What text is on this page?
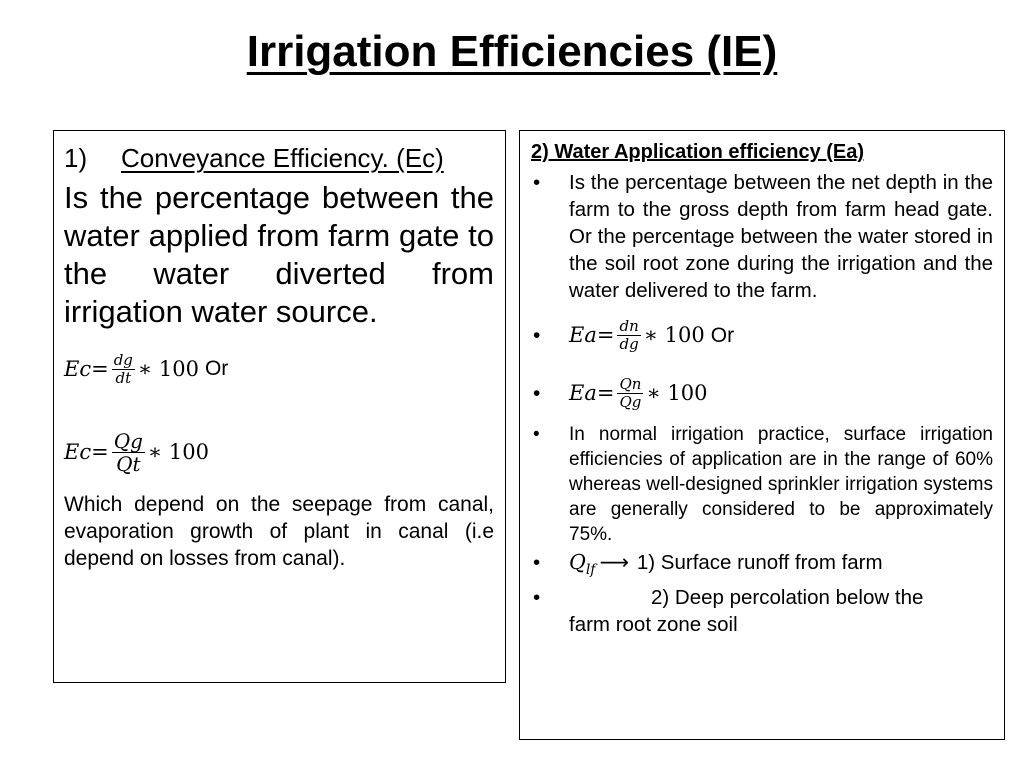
Irrigation Efficiencies (IE)
1)	Conveyance Efficiency. (Ec)
Is the percentage between the water applied from farm gate to the water diverted from irrigation water source.
$Ec = \frac{dg}{dt}$ ∗ 100 Or
$Ec = \frac{Qg}{Qt}$ ∗ 100
Which depend on the seepage from canal, evaporation growth of plant in canal (i.e depend on losses from canal).
2) Water Application efficiency (Ea)
•	Is the percentage between the net depth in the farm to the gross depth from farm head gate. Or the percentage between the water stored in the soil root zone during the irrigation and the water delivered to the farm.
•	$Ea = \frac{dn}{dg}$ ∗ 100 Or
•	$Ea = \frac{Qn}{Qg}$ ∗ 100
•	In normal irrigation practice, surface irrigation efficiencies of application are in the range of 60% whereas well-designed sprinkler irrigation systems are generally considered to be approximately 75%.
•	$Q_{lf}$ ⟶ 1) Surface runoff from farm
•	2) Deep percolation below the
farm root zone soil
